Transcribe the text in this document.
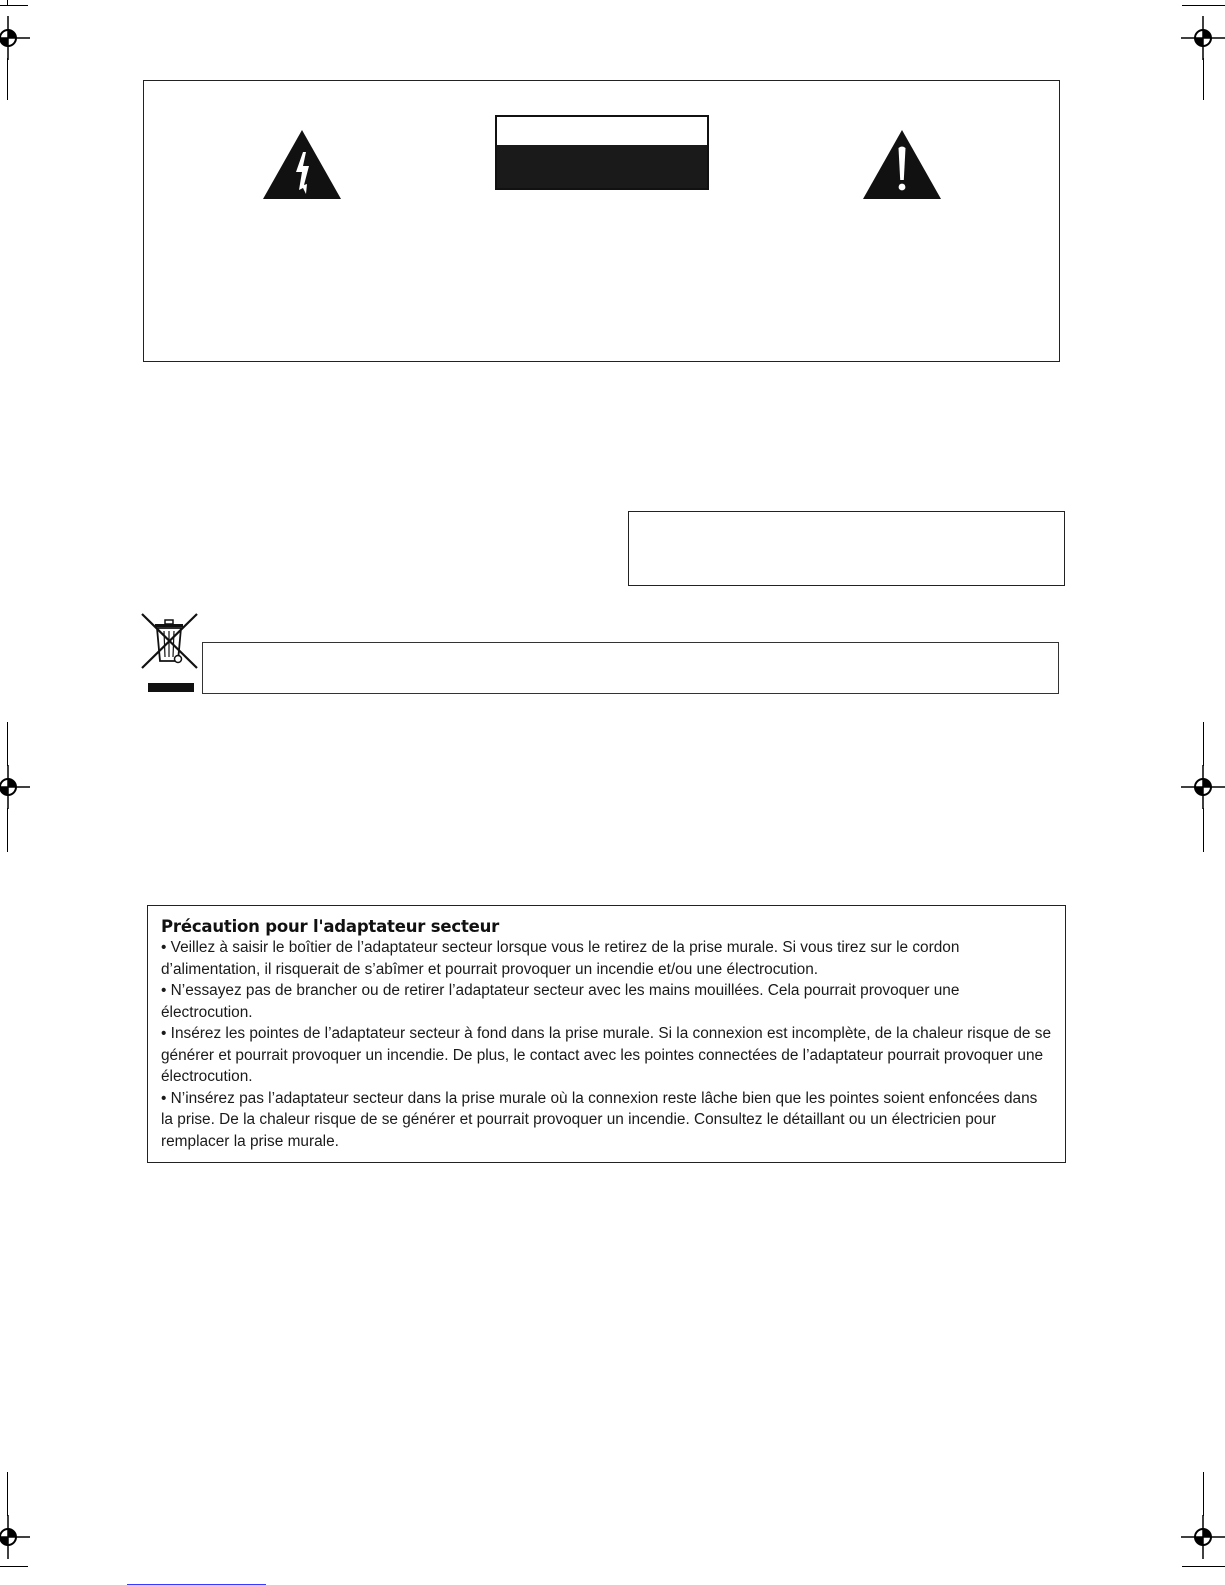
Précaution pour l'adaptateur secteur

• Veillez à saisir le boîtier de l’adaptateur secteur lorsque vous le retirez de la prise murale. Si vous tirez sur le cordon d’alimentation, il risquerait de s’abîmer et pourrait provoquer un incendie et/ou une électrocution.

• N’essayez pas de brancher ou de retirer l’adaptateur secteur avec les mains mouillées. Cela pourrait provoquer une électrocution.

• Insérez les pointes de l’adaptateur secteur à fond dans la prise murale. Si la connexion est incomplète, de la chaleur risque de se générer et pourrait provoquer un incendie. De plus, le contact avec les pointes connectées de l’adaptateur pourrait provoquer une électrocution.

• N’insérez pas l’adaptateur secteur dans la prise murale où la connexion reste lâche bien que les pointes soient enfoncées dans la prise. De la chaleur risque de se générer et pourrait provoquer un incendie. Consultez le détaillant ou un électricien pour remplacer la prise murale.
